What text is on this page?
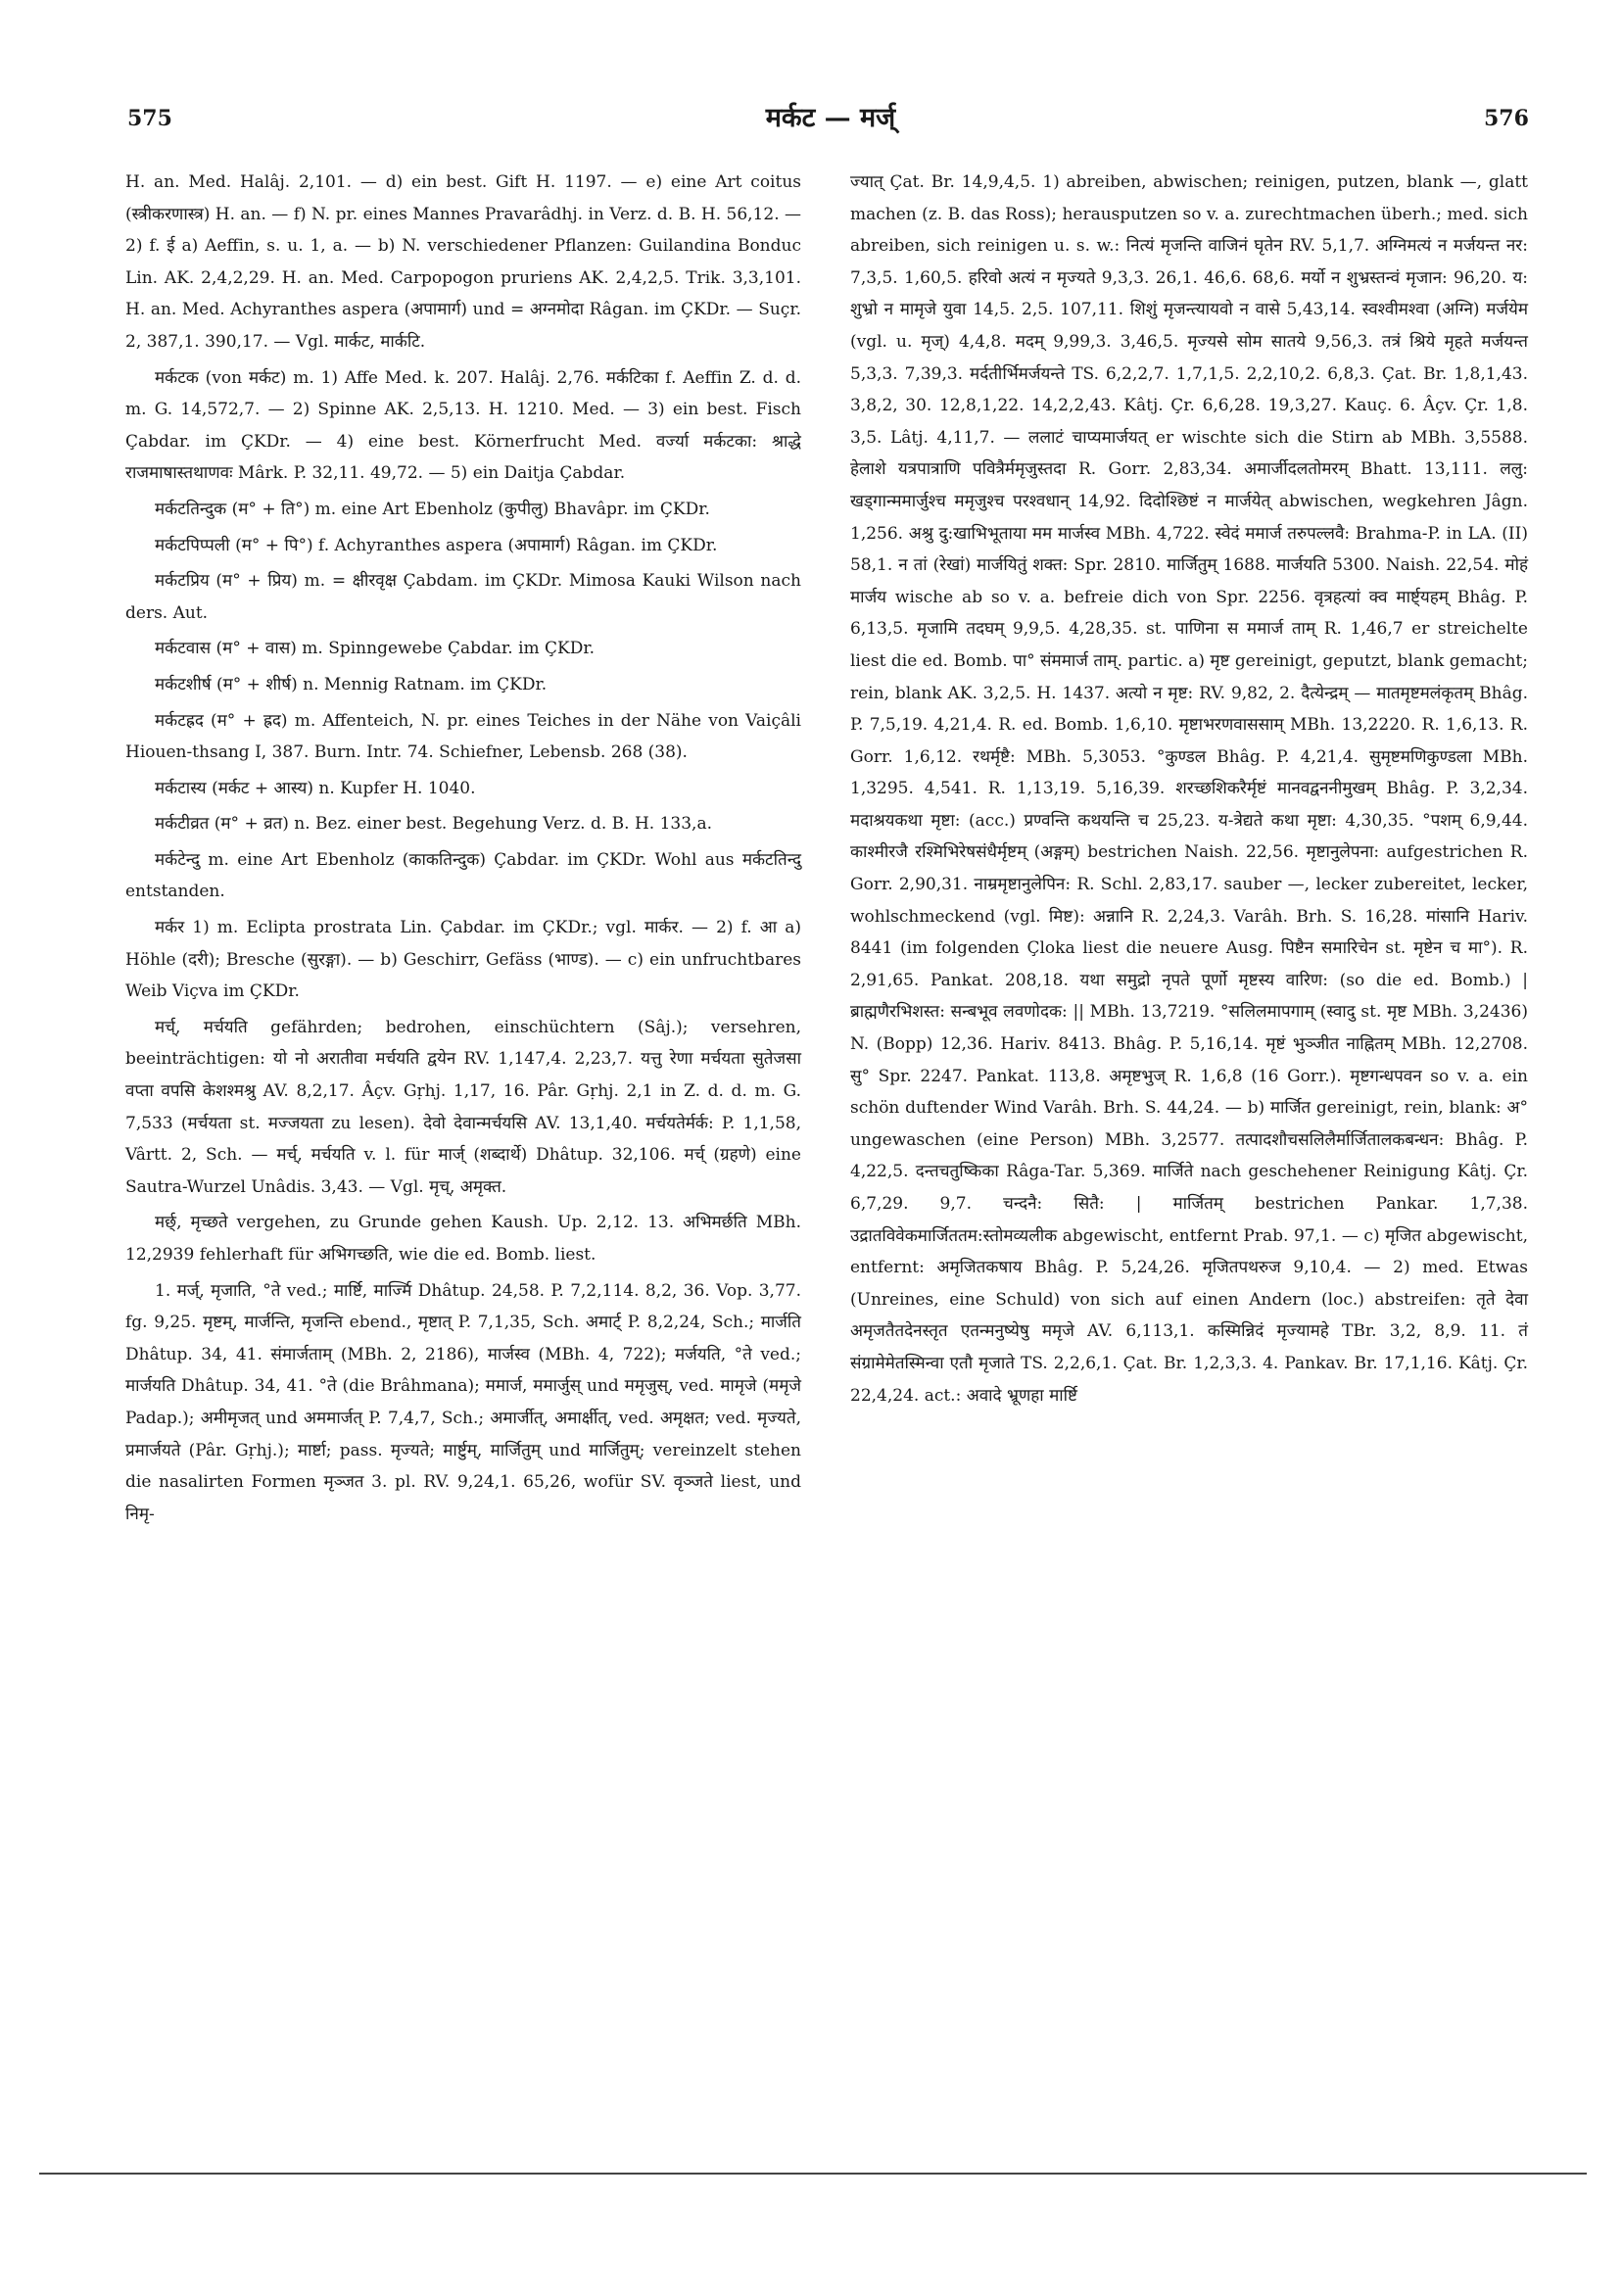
575	मर्कट — मर्ज्	576

H. an. Med. Halâj. 2,101. — d) ein best. Gift H. 1197. — e) eine Art coitus (स्त्रीकरणास्त्र) H. an. — f) N. pr. eines Mannes Pravarâdhj. in Verz. d. B. H. 56,12. — 2) f. ई a) Aeffin, s. u. 1, a. — b) N. verschiedener Pflanzen: Guilandina Bonduc Lin. AK. 2,4,2,29. H. an. Med. Carpopogon pruriens AK. 2,4,2,5. Trik. 3,3,101. H. an. Med. Achyranthes aspera (अपामार्ग) und = अग्नमोदा Râgan. im ÇKDr. — Suçr. 2, 387,1. 390,17. — Vgl. मार्कट, मार्कटि.

मर्कटक (von मर्कट) m. 1) Affe Med. k. 207. Halâj. 2,76. मर्कटिका f. Aeffin Z. d. d. m. G. 14,572,7. — 2) Spinne AK. 2,5,13. H. 1210. Med. — 3) ein best. Fisch Çabdar. im ÇKDr. — 4) eine best. Körnerfrucht Med. वर्ज्या मर्कटका: श्राद्धे राजमाषास्तथाणवः Mârk. P. 32,11. 49,72. — 5) ein Daitja Çabdar.

मर्कटतिन्दुक (म° + ति°) m. eine Art Ebenholz (कुपीलु) Bhavâpr. im ÇKDr.

मर्कटपिप्पली (म° + पि°) f. Achyranthes aspera (अपामार्ग) Râgan. im ÇKDr.

मर्कटप्रिय (म° + प्रिय) m. = क्षीरवृक्ष Çabdam. im ÇKDr. Mimosa Kauki Wilson nach ders. Aut.

मर्कटवास (म° + वास) m. Spinngewebe Çabdar. im ÇKDr.

मर्कटशीर्ष (म° + शीर्ष) n. Mennig Ratnam. im ÇKDr.

मर्कटह्रद (म° + ह्रद) m. Affenteich, N. pr. eines Teiches in der Nähe von Vaiçâli Hiouen-thsang I, 387. Burn. Intr. 74. Schiefner, Lebensb. 268 (38).

मर्कटास्य (मर्कट + आस्य) n. Kupfer H. 1040.

मर्कटीव्रत (म° + व्रत) n. Bez. einer best. Begehung Verz. d. B. H. 133,a.

मर्कटेन्दु m. eine Art Ebenholz (काकतिन्दुक) Çabdar. im ÇKDr. Wohl aus मर्कटतिन्दु entstanden.

मर्कर 1) m. Eclipta prostrata Lin. Çabdar. im ÇKDr.; vgl. मार्कर. — 2) f. आ a) Höhle (दरी); Bresche (सुरङ्गा). — b) Geschirr, Gefäss (भाण्ड). — c) ein unfruchtbares Weib Viçva im ÇKDr.

मर्च्, मर्चयति gefährden; bedrohen, einschüchtern (Sâj.); versehren, beeinträchtigen: यो नो अरातीवा मर्चयति द्वयेन RV. 1,147,4. 2,23,7. यत्तु रेणा मर्चयता सुतेजसा वप्ता वपसि केशश्मश्रु AV. 8,2,17. Âçv. Gṛhj. 1,17, 16. Pâr. Gṛhj. 2,1 in Z. d. d. m. G. 7,533 (मर्चयता st. मज्जयता zu lesen). देवो देवान्मर्चयसि AV. 13,1,40. मर्चयतेर्मर्क: P. 1,1,58, Vârtt. 2, Sch. — मर्च्, मर्चयति v. l. für मार्ज् (शब्दार्थे) Dhâtup. 32,106. मर्च् (ग्रहणे) eine Sautra-Wurzel Unâdis. 3,43. — Vgl. मृच्, अमृक्त.

मर्छ्, मृच्छते vergehen, zu Grunde gehen Kaush. Up. 2,12. 13. अभिमर्छति MBh. 12,2939 fehlerhaft für अभिगच्छति, wie die ed. Bomb. liest.

1. मर्ज्, मृजाति, °ते ved.; मार्ष्टि, मार्ज्मि Dhâtup. 24,58. P. 7,2,114. 8,2, 36. Vop. 3,77. fg. 9,25. मृष्टम्, मार्जन्ति, मृजन्ति ebend., मृष्टात् P. 7,1,35, Sch. अमार्ट् P. 8,2,24, Sch.; मार्जति Dhâtup. 34, 41. संमार्जताम् (MBh. 2, 2186), मार्जस्व (MBh. 4, 722); मर्जयति, °ते ved.; मार्जयति Dhâtup. 34, 41. °ते (die Brâhmana); ममार्ज, ममार्जुस् und ममृजुस्, ved. मामृजे (ममृजे Padap.); अमीमृजत् und अममार्जत् P. 7,4,7, Sch.; अमार्जीत्, अमार्क्षीत्, ved. अमृक्षत; ved. मृज्यते, प्रमार्जयते (Pâr. Gṛhj.); मार्ष्टा; pass. मृज्यते; मार्ष्टुम्, मार्जितुम् und मार्जितुम्; vereinzelt stehen die nasalirten Formen मृञ्जत 3. pl. RV. 9,24,1. 65,26, wofür SV. वृञ्जते liest, und निमृ-

ज्यात् Çat. Br. 14,9,4,5. 1) abreiben, abwischen; reinigen, putzen, blank —, glatt machen (z. B. das Ross); herausputzen so v. a. zurechtmachen überh.; med. sich abreiben, sich reinigen u. s. w.: नित्यं मृजन्ति वाजिनं घृतेन RV. 5,1,7. अग्निमत्यं न मर्जयन्त नर: 7,3,5. 1,60,5. हरिवो अत्यं न मृज्यते 9,3,3. 26,1. 46,6. 68,6. मर्यो न शुभ्रस्तन्वं मृजान: 96,20. य: शुभ्रो न मामृजे युवा 14,5. 2,5. 107,11. शिशुं मृजन्त्यायवो न वासे 5,43,14. स्वश्वीमश्वा (अग्नि) मर्जयेम (vgl. u. मृज्) 4,4,8. मदम् 9,99,3. 3,46,5. मृज्यसे सोम सातये 9,56,3. तत्रं श्रिये मृहते मर्जयन्त 5,3,3. 7,39,3. मर्दतीर्भिमर्जयन्ते TS. 6,2,2,7. 1,7,1,5. 2,2,10,2. 6,8,3. Çat. Br. 1,8,1,43. 3,8,2, 30. 12,8,1,22. 14,2,2,43. Kâtj. Çr. 6,6,28. 19,3,27. Kauç. 6. Âçv. Çr. 1,8. 3,5. Lâtj. 4,11,7. — ललाटं चाप्यमार्जयत् er wischte sich die Stirn ab MBh. 3,5588. हेलाशे यत्रपात्राणि पवित्रैर्ममृजुस्तदा R. Gorr. 2,83,34. अमार्जीदलतोमरम् Bhatt. 13,111. ललु: खड्गान्ममार्जुश्च ममृजुश्च परश्वधान् 14,92. दिदोश्छिष्टं न मार्जयेत् abwischen, wegkehren Jâgn. 1,256. अश्रु दु:खाभिभूताया मम मार्जस्व MBh. 4,722. स्वेदं ममार्ज तरुपल्लवै: Brahma-P. in LA. (II) 58,1. न तां (रेखां) मार्जयितुं शक्त: Spr. 2810. मार्जितुम् 1688. मार्जयति 5300. Naish. 22,54. मोहं मार्जय wische ab so v. a. befreie dich von Spr. 2256. वृत्रहत्यां क्व मार्ष्ट्यहम् Bhâg. P. 6,13,5. मृजामि तदघम् 9,9,5. 4,28,35. st. पाणिना स ममार्ज ताम् R. 1,46,7 er streichelte liest die ed. Bomb. पा° संममार्ज ताम्. partic. a) मृष्ट gereinigt, geputzt, blank gemacht; rein, blank AK. 3,2,5. H. 1437. अत्यो न मृष्ट: RV. 9,82, 2. दैत्येन्द्रम् — मातमृष्टमलंकृतम् Bhâg. P. 7,5,19. 4,21,4. R. ed. Bomb. 1,6,10. मृष्टाभरणवाससाम् MBh. 13,2220. R. 1,6,13. R. Gorr. 1,6,12. रथर्मृष्टै: MBh. 5,3053. °कुण्डल Bhâg. P. 4,21,4. सुमृष्टमणिकुण्डला MBh. 1,3295. 4,541. R. 1,13,19. 5,16,39. शरच्छशिकरैर्मृष्टं मानवद्वननीमुखम् Bhâg. P. 3,2,34. मदाश्रयकथा मृष्टा: (acc.) प्रण्वन्ति कथयन्ति च 25,23. य-त्रेद्यते कथा मृष्टा: 4,30,35. °पशम् 6,9,44. काश्मीरजै रश्मिभिरेषसंधैर्मृष्टम् (अङ्गम्) bestrichen Naish. 22,56. मृष्टानुलेपना: aufgestrichen R. Gorr. 2,90,31. नाम्रमृष्टानुलेपिन: R. Schl. 2,83,17. sauber —, lecker zubereitet, lecker, wohlschmeckend (vgl. मिष्ट): अन्नानि R. 2,24,3. Varâh. Brh. S. 16,28. मांसानि Hariv. 8441 (im folgenden Çloka liest die neuere Ausg. पिष्टैन समारिचेन st. मृष्टेन च मा°). R. 2,91,65. Pankat. 208,18. यथा समुद्रो नृपते पूर्णो मृष्टस्य वारिण: (so die ed. Bomb.) | ब्राह्मणैरभिशस्त: सन्बभूव लवणोदक: || MBh. 13,7219. °सलिलमापगाम् (स्वादु st. मृष्ट MBh. 3,2436) N. (Bopp) 12,36. Hariv. 8413. Bhâg. P. 5,16,14. मृष्टं भुञ्जीत नाह्नितम् MBh. 12,2708. सु° Spr. 2247. Pankat. 113,8. अमृष्टभुज् R. 1,6,8 (16 Gorr.). मृष्टगन्धपवन so v. a. ein schön duftender Wind Varâh. Brh. S. 44,24. — b) मार्जित gereinigt, rein, blank: अ° ungewaschen (eine Person) MBh. 3,2577. तत्पादशौचसलिलैर्मार्जितालकबन्धन: Bhâg. P. 4,22,5. दन्तचतुष्किका Râga-Tar. 5,369. मार्जिते nach geschehener Reinigung Kâtj. Çr. 6,7,29. 9,7. चन्दनै: सितै: | मार्जितम् bestrichen Pankar. 1,7,38. उद्रातविवेकमार्जिततम:स्तोमव्यलीक abgewischt, entfernt Prab. 97,1. — c) मृजित abgewischt, entfernt: अमृजितकषाय Bhâg. P. 5,24,26. मृजितपथरुज 9,10,4. — 2) med. Etwas (Unreines, eine Schuld) von sich auf einen Andern (loc.) abstreifen: तृते देवा अमृजतैतदेनस्तृत एतन्मनुष्येषु ममृजे AV. 6,113,1. कस्मिन्निदं मृज्यामहे TBr. 3,2, 8,9. 11. तं संग्रामेमेतस्मिन्वा एतौ मृजाते TS. 2,2,6,1. Çat. Br. 1,2,3,3. 4. Pankav. Br. 17,1,16. Kâtj. Çr. 22,4,24. act.: अवादे भ्रूणहा मार्ष्टि
